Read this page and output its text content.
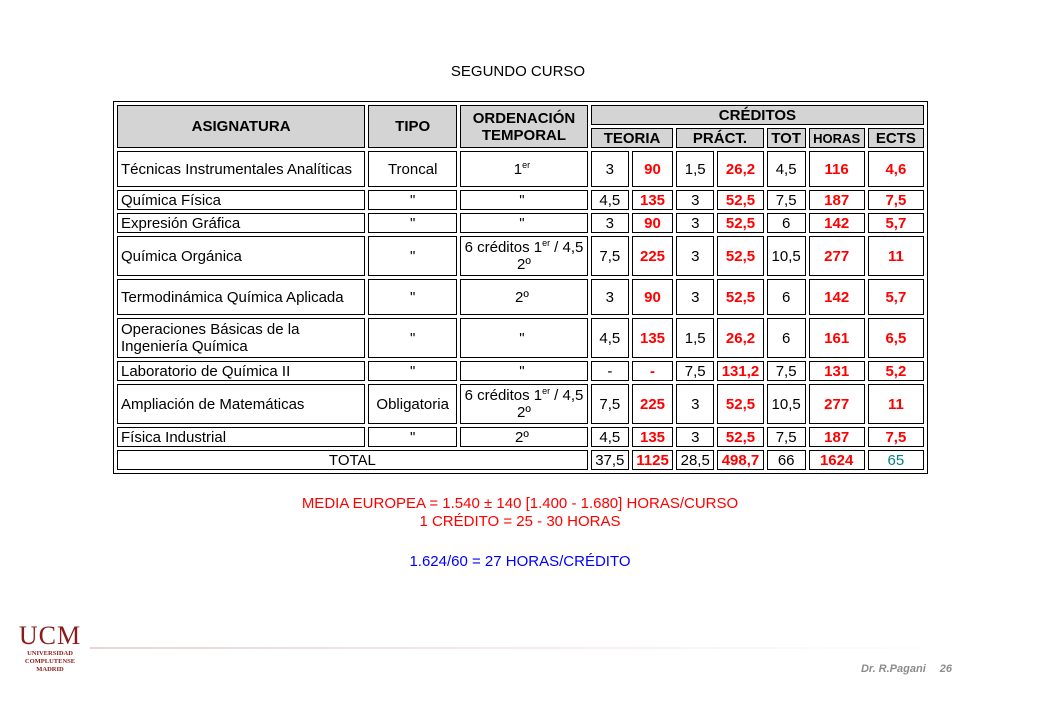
SEGUNDO CURSO
ASIGNATURA	TIPO	ORDENACIÓN TEMPORAL	CRÉDITOS						
			TEORIA		PRÁCT.		TOT	HORAS	ECTS
Técnicas Instrumentales Analíticas	Troncal	1er	3	90	1,5	26,2	4,5	116	4,6
Química Física	"	"	4,5	135	3	52,5	7,5	187	7,5
Expresión Gráfica	"	"	3	90	3	52,5	6	142	5,7
Química Orgánica	"	6 créditos 1er / 4,5 2º	7,5	225	3	52,5	10,5	277	11
Termodinámica Química Aplicada	"	2º	3	90	3	52,5	6	142	5,7
Operaciones Básicas de la Ingeniería Química	"	"	4,5	135	1,5	26,2	6	161	6,5
Laboratorio de Química II	"	"	-	-	7,5	131,2	7,5	131	5,2
Ampliación de Matemáticas	Obligatoria	6 créditos 1er / 4,5 2º	7,5	225	3	52,5	10,5	277	11
Física Industrial	"	2º	4,5	135	3	52,5	7,5	187	7,5
TOTAL			37,5	1125	28,5	498,7	66	1624	65
MEDIA EUROPEA = 1.540 ± 140 [1.400 - 1.680] HORAS/CURSO
1 CRÉDITO = 25 - 30 HORAS
1.624/60 = 27 HORAS/CRÉDITO
UCM
UNIVERSIDAD
COMPLUTENSE
MADRID	Dr. R.Pagani 26
